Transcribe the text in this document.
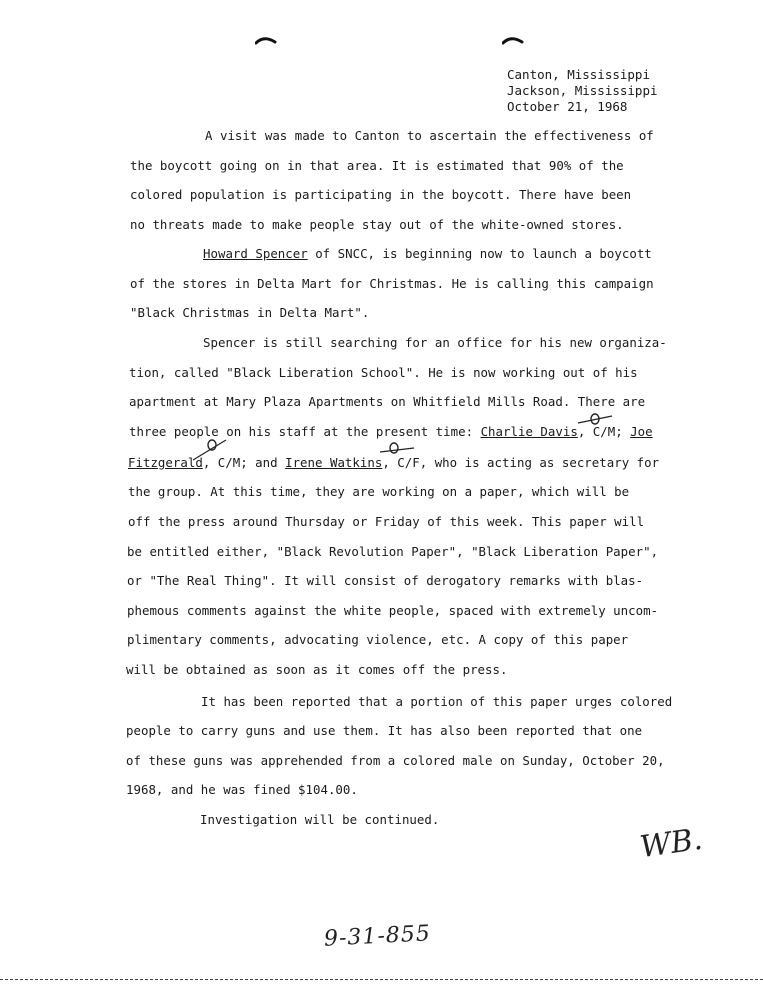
Canton, Mississippi
Jackson, Mississippi
October 21, 1968
A visit was made to Canton to ascertain the effectiveness of
the boycott going on in that area. It is estimated that 90% of the
colored population is participating in the boycott. There have been
no threats made to make people stay out of the white-owned stores.
Howard Spencer of SNCC, is beginning now to launch a boycott
of the stores in Delta Mart for Christmas. He is calling this campaign
"Black Christmas in Delta Mart".
Spencer is still searching for an office for his new organiza-
tion, called "Black Liberation School". He is now working out of his
apartment at Mary Plaza Apartments on Whitfield Mills Road. There are
three people on his staff at the present time: Charlie Davis, C/M; Joe
Fitzgerald, C/M; and Irene Watkins, C/F, who is acting as secretary for
the group. At this time, they are working on a paper, which will be
off the press around Thursday or Friday of this week. This paper will
be entitled either, "Black Revolution Paper", "Black Liberation Paper",
or "The Real Thing". It will consist of derogatory remarks with blas-
phemous comments against the white people, spaced with extremely uncom-
plimentary comments, advocating violence, etc. A copy of this paper
will be obtained as soon as it comes off the press.
It has been reported that a portion of this paper urges colored
people to carry guns and use them. It has also been reported that one
of these guns was apprehended from a colored male on Sunday, October 20,
1968, and he was fined $104.00.
Investigation will be continued.
WB.
9-31-855
